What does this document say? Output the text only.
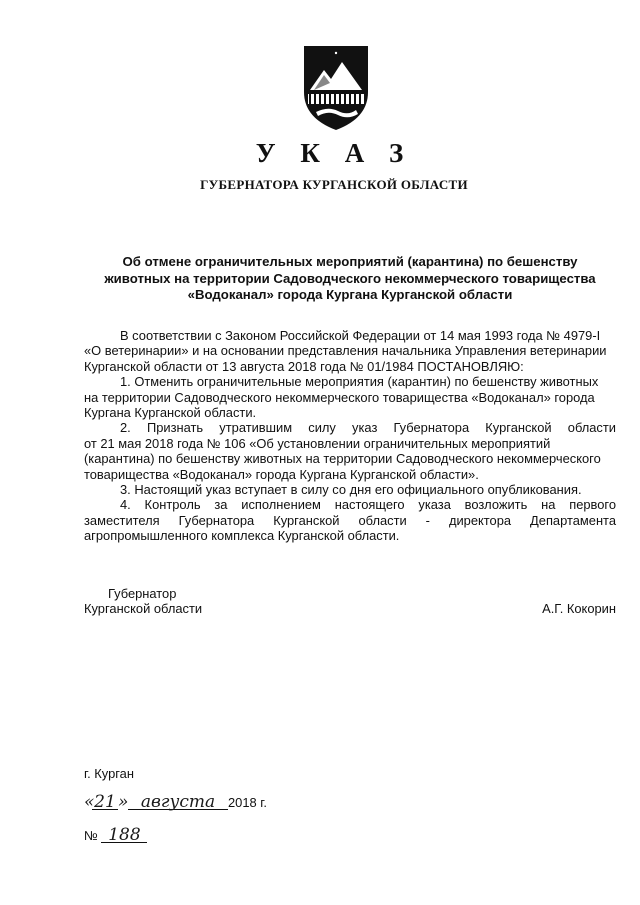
У К А З
ГУБЕРНАТОРА КУРГАНСКОЙ ОБЛАСТИ
Об отмене ограничительных мероприятий (карантина) по бешенству
животных на территории Садоводческого некоммерческого товарищества
«Водоканал» города Кургана Курганской области
В соответствии с Законом Российской Федерации от 14 мая 1993 года № 4979-I
«О ветеринарии» и на основании представления начальника Управления ветеринарии
Курганской области от 13 августа 2018 года № 01/1984 ПОСТАНОВЛЯЮ:
1. Отменить ограничительные мероприятия (карантин) по бешенству животных
на территории Садоводческого некоммерческого товарищества «Водоканал» города
Кургана Курганской области.
2. Признать утратившим силу указ Губернатора Курганской области
от 21 мая 2018 года № 106 «Об установлении ограничительных мероприятий
(карантина) по бешенству животных на территории Садоводческого некоммерческого
товарищества «Водоканал» города Кургана Курганской области».
3. Настоящий указ вступает в силу со дня его официального опубликования.
4. Контроль за исполнением настоящего указа возложить на первого
заместителя Губернатора Курганской области - директора Департамента
агропромышленного комплекса Курганской области.
Губернатор
Курганской области	А.Г. Кокорин
г. Курган
«21 » августа 2018 г.
№ 188
